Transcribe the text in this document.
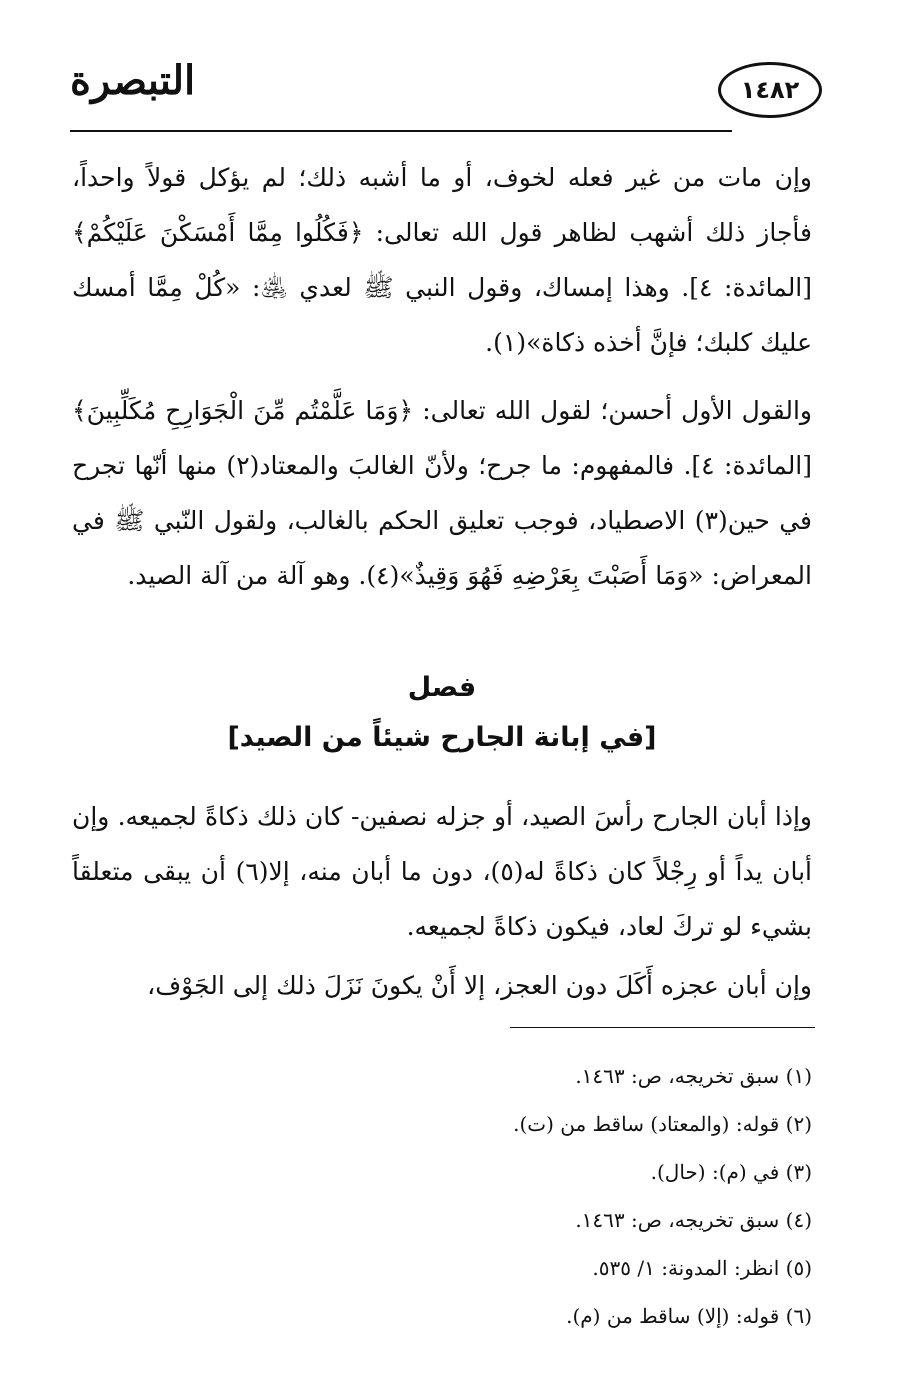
التبصرة	١٤٨٢
وإن مات من غير فعله لخوف، أو ما أشبه ذلك؛ لم يؤكل قولاً واحداً، فأجاز ذلك أشهب لظاهر قول الله تعالى: ﴿فَكُلُوا مِمَّا أَمْسَكْنَ عَلَيْكُمْ﴾ [المائدة: ٤]. وهذا إمساك، وقول النبي ﷺ لعدي ﵁: «كُلْ مِمَّا أمسك عليك كلبك؛ فإنَّ أخذه ذكاة»(١).
والقول الأول أحسن؛ لقول الله تعالى: ﴿وَمَا عَلَّمْتُم مِّنَ الْجَوَارِحِ مُكَلِّبِينَ﴾ [المائدة: ٤]. فالمفهوم: ما جرح؛ ولأنّ الغالبَ والمعتاد(٢) منها أنّها تجرح في حين(٣) الاصطياد، فوجب تعليق الحكم بالغالب، ولقول النّبي ﷺ في المعراض: «وَمَا أَصَبْتَ بِعَرْضِهِ فَهُوَ وَقِيذٌ»(٤). وهو آلة من آلة الصيد.
فصل
[في إبانة الجارح شيئاً من الصيد]
وإذا أبان الجارح رأسَ الصيد، أو جزله نصفين- كان ذلك ذكاةً لجميعه. وإن أبان يداً أو رِجْلاً كان ذكاةً له(٥)، دون ما أبان منه، إلا(٦) أن يبقى متعلقاً بشيء لو تركَ لعاد، فيكون ذكاةً لجميعه.
وإن أبان عجزه أَكَلَ دون العجز، إلا أَنْ يكونَ نَزَلَ ذلك إلى الجَوْف،
(١) سبق تخريجه، ص: ١٤٦٣.
(٢) قوله: (والمعتاد) ساقط من (ت).
(٣) في (م): (حال).
(٤) سبق تخريجه، ص: ١٤٦٣.
(٥) انظر: المدونة: ١/ ٥٣٥.
(٦) قوله: (إلا) ساقط من (م).
